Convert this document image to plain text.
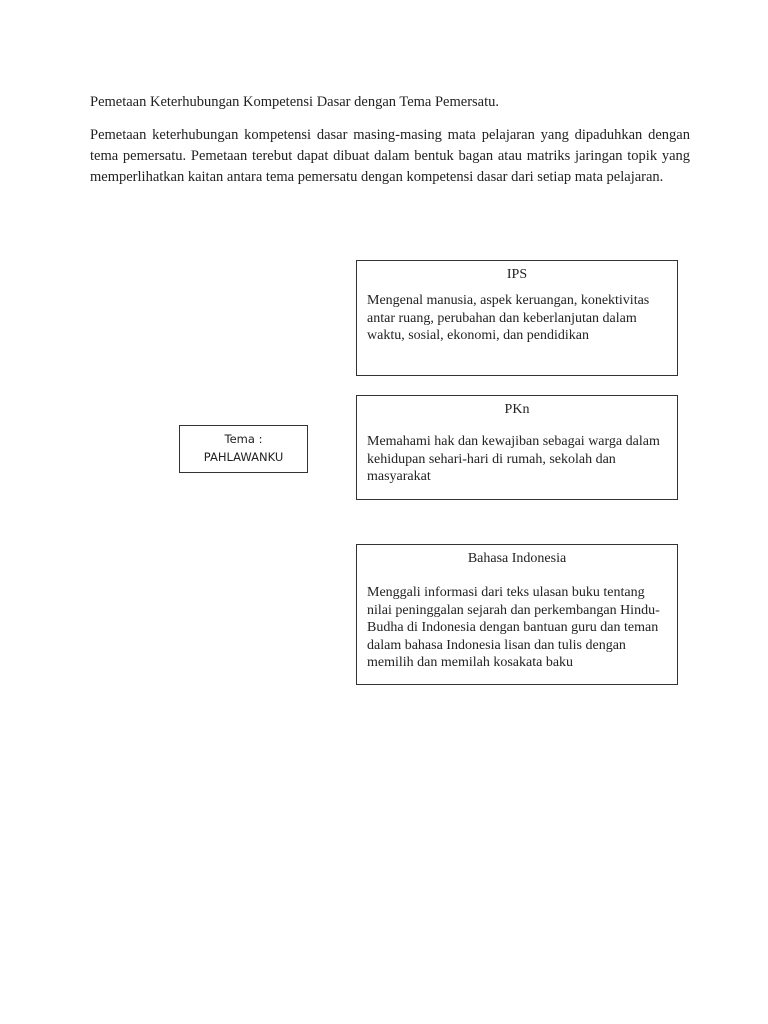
Pemetaan Keterhubungan Kompetensi Dasar dengan Tema Pemersatu.

Pemetaan keterhubungan kompetensi dasar masing-masing mata pelajaran yang dipaduhkan dengan tema pemersatu. Pemetaan terebut dapat dibuat dalam bentuk bagan atau matriks jaringan topik yang memperlihatkan kaitan antara tema pemersatu dengan kompetensi dasar dari setiap mata pelajaran.

Tema :
PAHLAWANKU
IPS
Mengenal manusia, aspek keruangan, konektivitas antar ruang, perubahan dan keberlanjutan dalam waktu, sosial, ekonomi, dan pendidikan
PKn
Memahami hak dan kewajiban sebagai warga dalam kehidupan sehari-hari di rumah, sekolah dan masyarakat
Bahasa Indonesia
Menggali informasi dari teks ulasan buku tentang nilai peninggalan sejarah dan perkembangan Hindu-Budha di Indonesia dengan bantuan guru dan teman dalam bahasa Indonesia lisan dan tulis dengan memilih dan memilah kosakata baku
